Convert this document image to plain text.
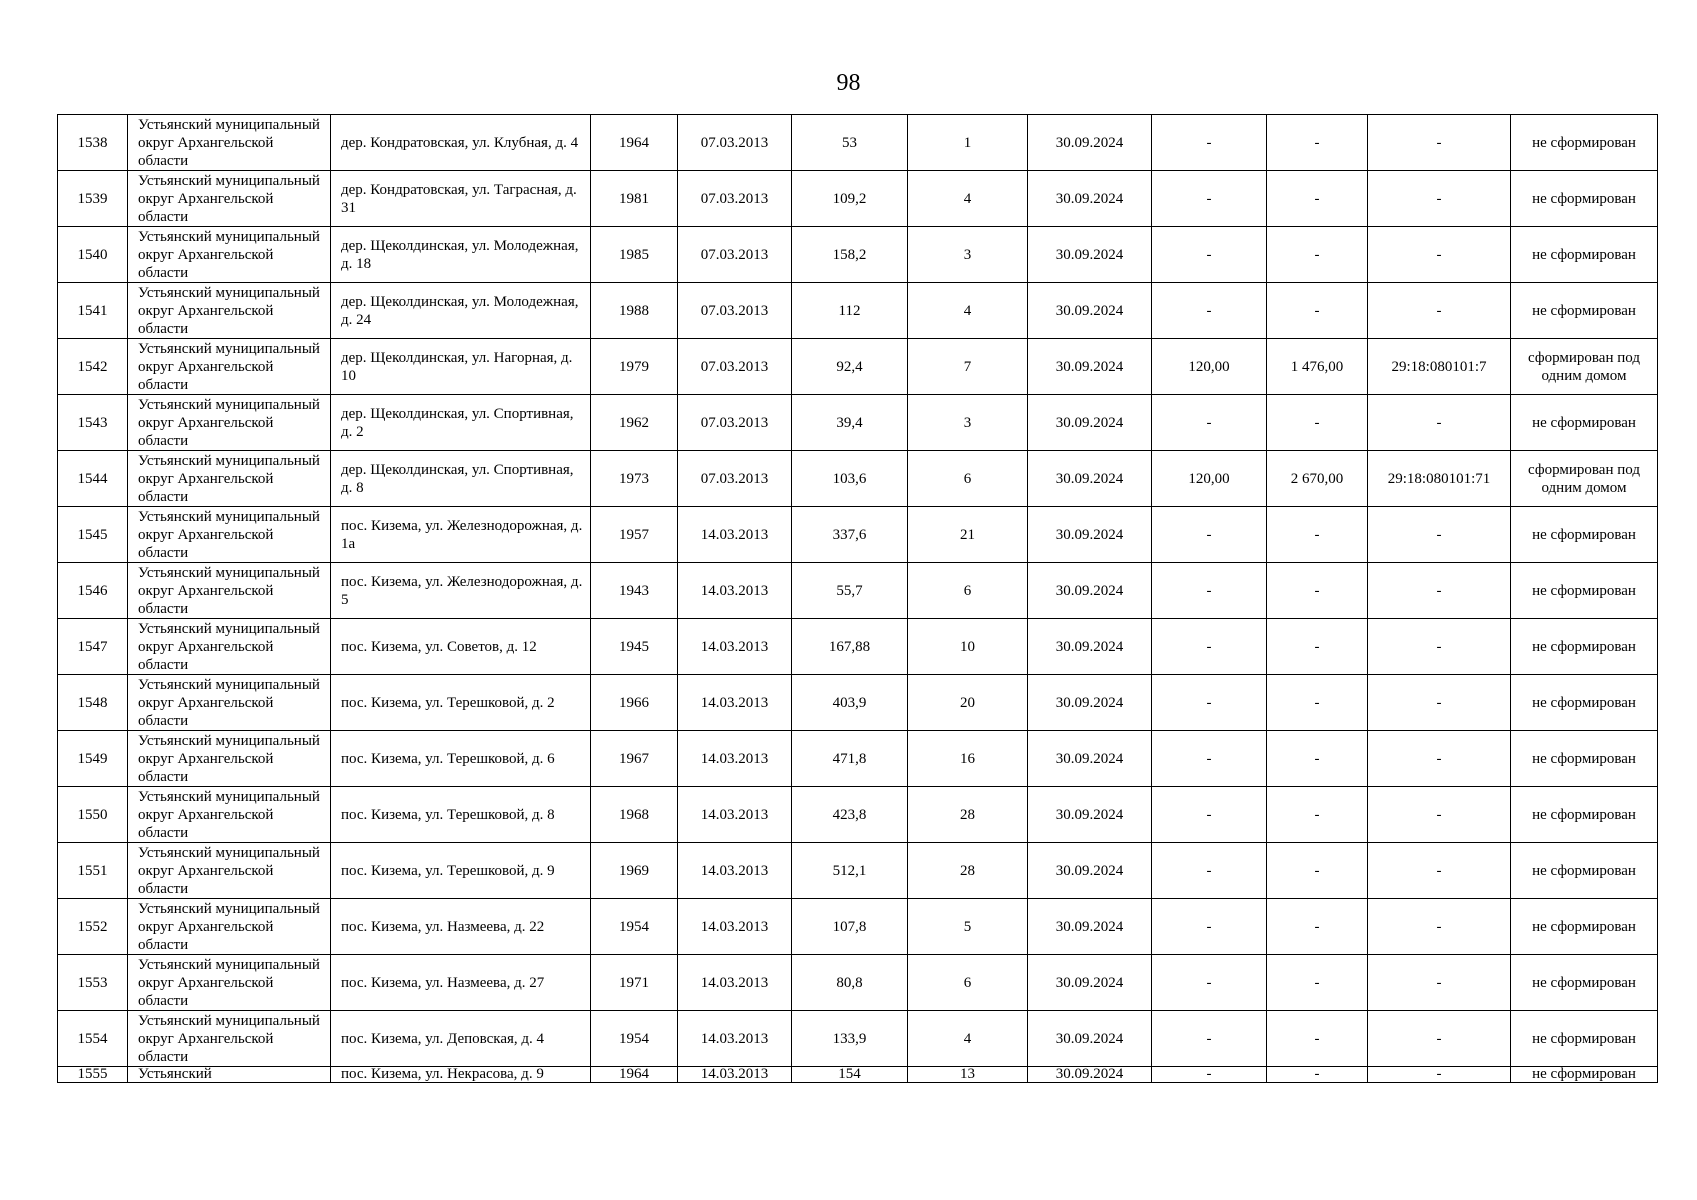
98
1538	Устьянский муниципальный округ Архангельской области	дер. Кондратовская, ул. Клубная, д. 4	1964	07.03.2013	53	1	30.09.2024	-	-	-	не сформирован
1539	Устьянский муниципальный округ Архангельской области	дер. Кондратовская, ул. Тагрaсная, д. 31	1981	07.03.2013	109,2	4	30.09.2024	-	-	-	не сформирован
1540	Устьянский муниципальный округ Архангельской области	дер. Щеколдинская, ул. Молодежная, д. 18	1985	07.03.2013	158,2	3	30.09.2024	-	-	-	не сформирован
1541	Устьянский муниципальный округ Архангельской области	дер. Щеколдинская, ул. Молодежная, д. 24	1988	07.03.2013	112	4	30.09.2024	-	-	-	не сформирован
1542	Устьянский муниципальный округ Архангельской области	дер. Щеколдинская, ул. Нагорная, д. 10	1979	07.03.2013	92,4	7	30.09.2024	120,00	1 476,00	29:18:080101:7	сформирован под одним домом
1543	Устьянский муниципальный округ Архангельской области	дер. Щеколдинская, ул. Спортивная, д. 2	1962	07.03.2013	39,4	3	30.09.2024	-	-	-	не сформирован
1544	Устьянский муниципальный округ Архангельской области	дер. Щеколдинская, ул. Спортивная, д. 8	1973	07.03.2013	103,6	6	30.09.2024	120,00	2 670,00	29:18:080101:71	сформирован под одним домом
1545	Устьянский муниципальный округ Архангельской области	пос. Кизема, ул. Железнодорожная, д. 1а	1957	14.03.2013	337,6	21	30.09.2024	-	-	-	не сформирован
1546	Устьянский муниципальный округ Архангельской области	пос. Кизема, ул. Железнодорожная, д. 5	1943	14.03.2013	55,7	6	30.09.2024	-	-	-	не сформирован
1547	Устьянский муниципальный округ Архангельской области	пос. Кизема, ул. Советов, д. 12	1945	14.03.2013	167,88	10	30.09.2024	-	-	-	не сформирован
1548	Устьянский муниципальный округ Архангельской области	пос. Кизема, ул. Терешковой, д. 2	1966	14.03.2013	403,9	20	30.09.2024	-	-	-	не сформирован
1549	Устьянский муниципальный округ Архангельской области	пос. Кизема, ул. Терешковой, д. 6	1967	14.03.2013	471,8	16	30.09.2024	-	-	-	не сформирован
1550	Устьянский муниципальный округ Архангельской области	пос. Кизема, ул. Терешковой, д. 8	1968	14.03.2013	423,8	28	30.09.2024	-	-	-	не сформирован
1551	Устьянский муниципальный округ Архангельской области	пос. Кизема, ул. Терешковой, д. 9	1969	14.03.2013	512,1	28	30.09.2024	-	-	-	не сформирован
1552	Устьянский муниципальный округ Архангельской области	пос. Кизема, ул. Назмеева, д. 22	1954	14.03.2013	107,8	5	30.09.2024	-	-	-	не сформирован
1553	Устьянский муниципальный округ Архангельской области	пос. Кизема, ул. Назмеева, д. 27	1971	14.03.2013	80,8	6	30.09.2024	-	-	-	не сформирован
1554	Устьянский муниципальный округ Архангельской области	пос. Кизема, ул. Деповская, д. 4	1954	14.03.2013	133,9	4	30.09.2024	-	-	-	не сформирован
1555	Устьянский	пос. Кизема, ул. Некрасова, д. 9	1964	14.03.2013	154	13	30.09.2024	-	-	-	не сформирован
